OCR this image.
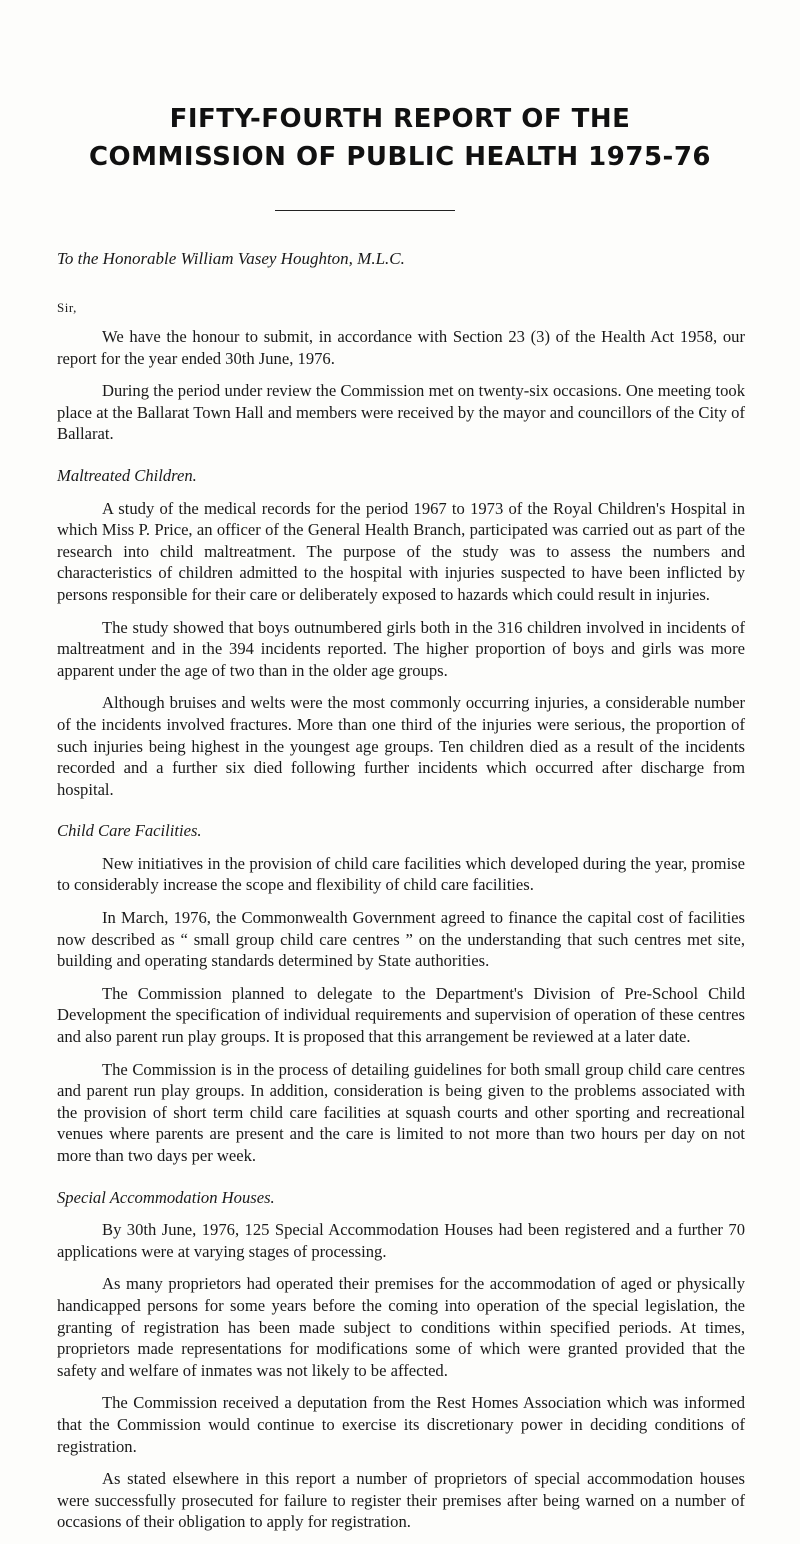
FIFTY-FOURTH REPORT OF THE
COMMISSION OF PUBLIC HEALTH 1975-76
To the Honorable William Vasey Houghton, M.L.C.
Sir,

We have the honour to submit, in accordance with Section 23 (3) of the Health Act 1958, our report for the year ended 30th June, 1976.

During the period under review the Commission met on twenty-six occasions. One meeting took place at the Ballarat Town Hall and members were received by the mayor and councillors of the City of Ballarat.

Maltreated Children.

A study of the medical records for the period 1967 to 1973 of the Royal Children's Hospital in which Miss P. Price, an officer of the General Health Branch, participated was carried out as part of the research into child maltreatment. The purpose of the study was to assess the numbers and characteristics of children admitted to the hospital with injuries suspected to have been inflicted by persons responsible for their care or deliberately exposed to hazards which could result in injuries.

The study showed that boys outnumbered girls both in the 316 children involved in incidents of maltreatment and in the 394 incidents reported. The higher proportion of boys and girls was more apparent under the age of two than in the older age groups.

Although bruises and welts were the most commonly occurring injuries, a considerable number of the incidents involved fractures. More than one third of the injuries were serious, the proportion of such injuries being highest in the youngest age groups. Ten children died as a result of the incidents recorded and a further six died following further incidents which occurred after discharge from hospital.

Child Care Facilities.

New initiatives in the provision of child care facilities which developed during the year, promise to considerably increase the scope and flexibility of child care facilities.

In March, 1976, the Commonwealth Government agreed to finance the capital cost of facilities now described as “ small group child care centres ” on the understanding that such centres met site, building and operating standards determined by State authorities.

The Commission planned to delegate to the Department's Division of Pre-School Child Development the specification of individual requirements and supervision of operation of these centres and also parent run play groups. It is proposed that this arrangement be reviewed at a later date.

The Commission is in the process of detailing guidelines for both small group child care centres and parent run play groups. In addition, consideration is being given to the problems associated with the provision of short term child care facilities at squash courts and other sporting and recreational venues where parents are present and the care is limited to not more than two hours per day on not more than two days per week.

Special Accommodation Houses.

By 30th June, 1976, 125 Special Accommodation Houses had been registered and a further 70 applications were at varying stages of processing.

As many proprietors had operated their premises for the accommodation of aged or physically handicapped persons for some years before the coming into operation of the special legislation, the granting of registration has been made subject to conditions within specified periods. At times, proprietors made representations for modifications some of which were granted provided that the safety and welfare of inmates was not likely to be affected.

The Commission received a deputation from the Rest Homes Association which was informed that the Commission would continue to exercise its discretionary power in deciding conditions of registration.

As stated elsewhere in this report a number of proprietors of special accommodation houses were successfully prosecuted for failure to register their premises after being warned on a number of occasions of their obligation to apply for registration.
